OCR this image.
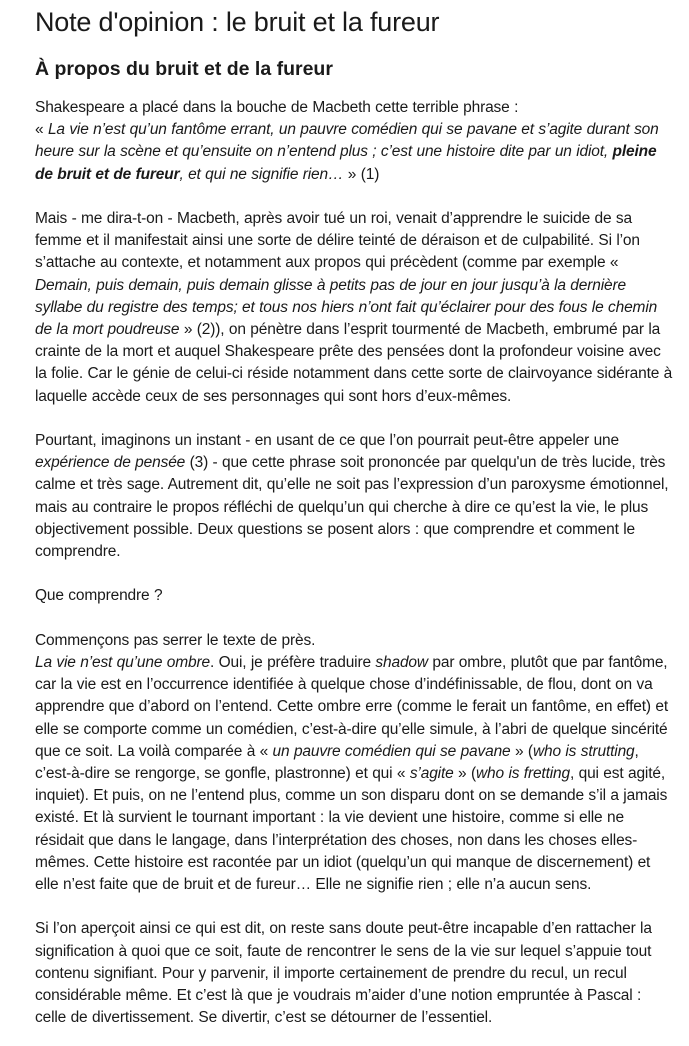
Note d'opinion : le bruit et la fureur
À propos du bruit et de la fureur

Shakespeare a placé dans la bouche de Macbeth cette terrible phrase :
« La vie n’est qu’un fantôme errant, un pauvre comédien qui se pavane et s’agite durant son heure sur la scène et qu’ensuite on n’entend plus ; c’est une histoire dite par un idiot, pleine de bruit et de fureur, et qui ne signifie rien… » (1)

Mais - me dira-t-on - Macbeth, après avoir tué un roi, venait d’apprendre le suicide de sa femme et il manifestait ainsi une sorte de délire teinté de déraison et de culpabilité. Si l’on s’attache au contexte, et notamment aux propos qui précèdent (comme par exemple « Demain, puis demain, puis demain glisse à petits pas de jour en jour jusqu’à la dernière syllabe du registre des temps; et tous nos hiers n’ont fait qu’éclairer pour des fous le chemin de la mort poudreuse » (2)), on pénètre dans l’esprit tourmenté de Macbeth, embrumé par la crainte de la mort et auquel Shakespeare prête des pensées dont la profondeur voisine avec la folie. Car le génie de celui-ci réside notamment dans cette sorte de clairvoyance sidérante à laquelle accède ceux de ses personnages qui sont hors d’eux-mêmes.

Pourtant, imaginons un instant - en usant de ce que l’on pourrait peut-être appeler une expérience de pensée (3) - que cette phrase soit prononcée par quelqu'un de très lucide, très calme et très sage. Autrement dit, qu’elle ne soit pas l’expression d’un paroxysme émotionnel, mais au contraire le propos réfléchi de quelqu’un qui cherche à dire ce qu’est la vie, le plus objectivement possible. Deux questions se posent alors : que comprendre et comment le comprendre.

Que comprendre ?

Commençons pas serrer le texte de près.
La vie n’est qu’une ombre. Oui, je préfère traduire shadow par ombre, plutôt que par fantôme, car la vie est en l’occurrence identifiée à quelque chose d’indéfinissable, de flou, dont on va apprendre que d’abord on l’entend. Cette ombre erre (comme le ferait un fantôme, en effet) et elle se comporte comme un comédien, c’est-à-dire qu’elle simule, à l’abri de quelque sincérité que ce soit. La voilà comparée à « un pauvre comédien qui se pavane » (who is strutting, c’est-à-dire se rengorge, se gonfle, plastronne) et qui « s’agite » (who is fretting, qui est agité, inquiet). Et puis, on ne l’entend plus, comme un son disparu dont on se demande s’il a jamais existé. Et là survient le tournant important : la vie devient une histoire, comme si elle ne résidait que dans le langage, dans l’interprétation des choses, non dans les choses elles-mêmes. Cette histoire est racontée par un idiot (quelqu’un qui manque de discernement) et elle n’est faite que de bruit et de fureur… Elle ne signifie rien ; elle n’a aucun sens.

Si l’on aperçoit ainsi ce qui est dit, on reste sans doute peut-être incapable d’en rattacher la signification à quoi que ce soit, faute de rencontrer le sens de la vie sur lequel s’appuie tout contenu signifiant. Pour y parvenir, il importe certainement de prendre du recul, un recul considérable même. Et c’est là que je voudrais m’aider d’une notion empruntée à Pascal : celle de divertissement. Se divertir, c’est se détourner de l’essentiel.
